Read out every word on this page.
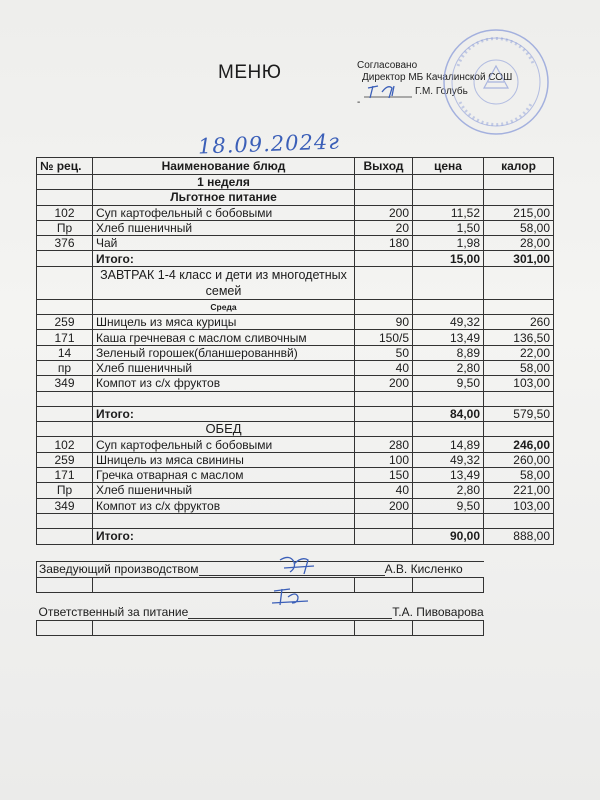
МЕНЮ	Согласовано
Директор МБ Качалинской СОШ
Г.М. Голубь
-
18.09.2024г
№ рец.	Наименование блюд	Выход	цена	калор
	1 неделя			
	Льготное питание			
102	Суп картофельный с бобовыми	200	11,52	215,00
Пр	Хлеб пшеничный	20	1,50	58,00
376	Чай	180	1,98	28,00
	Итого:		15,00	301,00
	ЗАВТРАК 1-4 класс и дети из многодетных семей			
	Среда			
259	Шницель из мяса курицы	90	49,32	260
171	Каша гречневая с маслом сливочным	150/5	13,49	136,50
14	Зеленый горошек(бланшерованнвй)	50	8,89	22,00
пр	Хлеб пшеничный	40	2,80	58,00
349	Компот из с/х фруктов	200	9,50	103,00

	Итого:		84,00	579,50
	ОБЕД			
102	Суп картофельный с бобовыми	280	14,89	246,00
259	Шницель из мяса свинины	100	49,32	260,00
171	Гречка отварная с маслом	150	13,49	58,00
Пр	Хлеб пшеничный	40	2,80	221,00
349	Компот из с/х фруктов	200	9,50	103,00

	Итого:		90,00	888,00
Заведующий производством А.В. Кисленко				

Ответственный за питание Т.А. Пивоварова				
